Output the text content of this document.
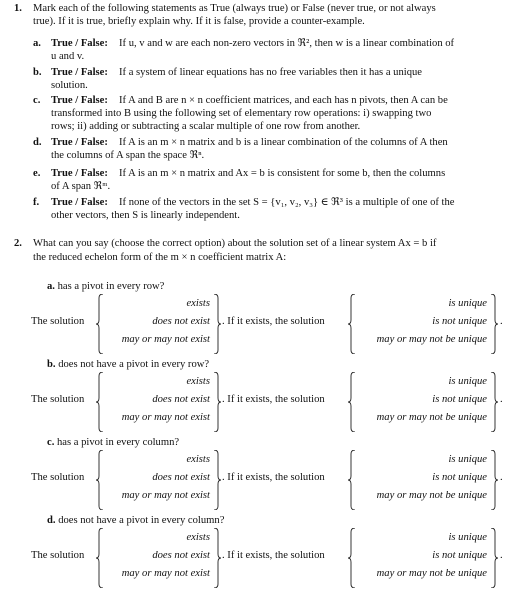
1. Mark each of the following statements as True (always true) or False (never true, or not always
true). If it is true, briefly explain why. If it is false, provide a counter-example.
a. True / False: If u, v and w are each non-zero vectors in ℜ², then w is a linear combination of
u and v.
b. True / False: If a system of linear equations has no free variables then it has a unique
solution.
c. True / False: If A and B are n × n coefficient matrices, and each has n pivots, then A can be
transformed into B using the following set of elementary row operations: i) swapping two
rows; ii) adding or subtracting a scalar multiple of one row from another.
d. True / False: If A is an m × n matrix and b is a linear combination of the columns of A then
the columns of A span the space ℜⁿ.
e. True / False: If A is an m × n matrix and Ax = b is consistent for some b, then the columns
of A span ℜᵐ.
f. True / False: If none of the vectors in the set S = {v₁, v₂, v₃} ∈ ℜ³ is a multiple of one of the
other vectors, then S is linearly independent.
2. What can you say (choose the correct option) about the solution set of a linear system Ax = b if
the reduced echelon form of the m × n coefficient matrix A:
a. has a pivot in every row?
The solution
exists
does not exist
may or may not exist
. If it exists, the solution
is unique
is not unique
may or may not be unique
.
b. does not have a pivot in every row?
The solution
exists
does not exist
may or may not exist
. If it exists, the solution
is unique
is not unique
may or may not be unique
.
c. has a pivot in every column?
The solution
exists
does not exist
may or may not exist
. If it exists, the solution
is unique
is not unique
may or may not be unique
.
d. does not have a pivot in every column?
The solution
exists
does not exist
may or may not exist
. If it exists, the solution
is unique
is not unique
may or may not be unique
.
